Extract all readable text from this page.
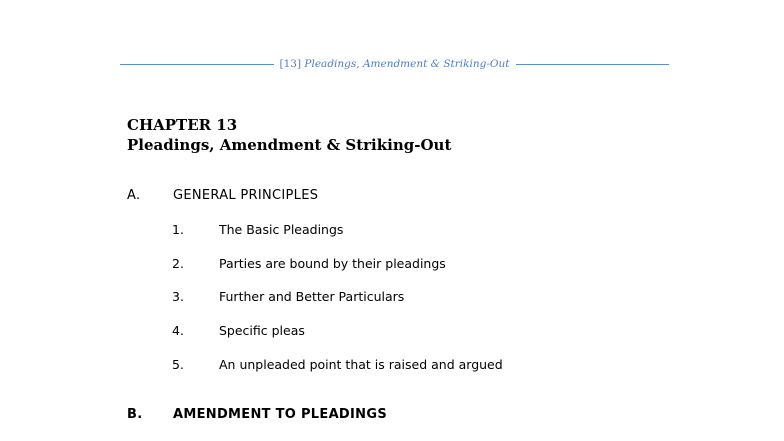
[13] Pleadings, Amendment & Striking-Out
CHAPTER 13
Pleadings, Amendment & Striking-Out
A.	GENERAL PRINCIPLES
1.	The Basic Pleadings
2.	Parties are bound by their pleadings
3.	Further and Better Particulars
4.	Specific pleas
5.	An unpleaded point that is raised and argued
B. AMENDMENT TO PLEADINGS
